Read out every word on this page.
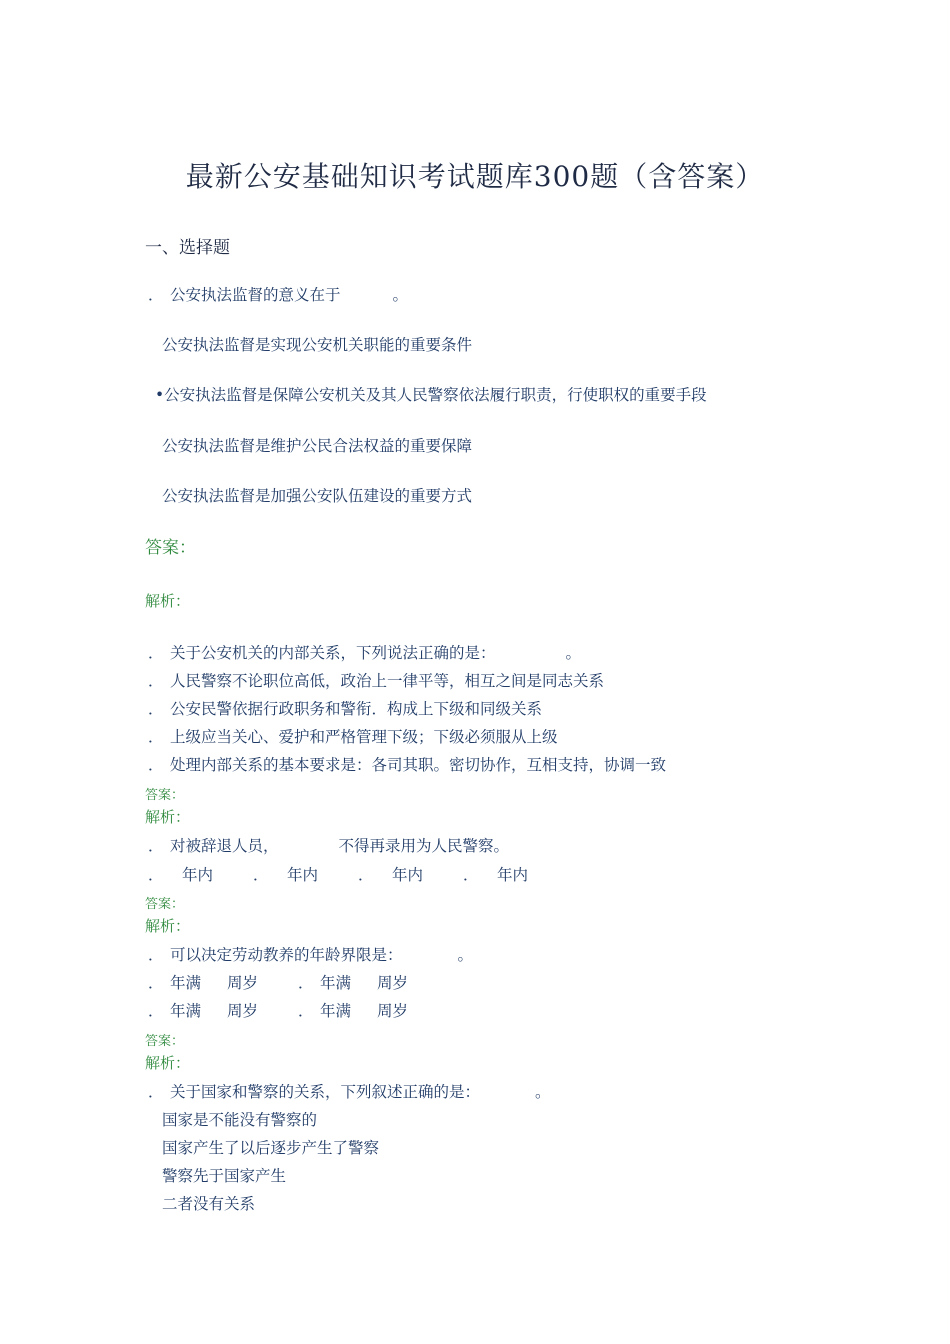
最新公安基础知识考试题库300题（含答案）
一、选择题
． 公安执法监督的意义在于	。
公安执法监督是实现公安机关职能的重要条件
•公安执法监督是保障公安机关及其人民警察依法履行职责，行使职权的重要手段
公安执法监督是维护公民合法权益的重要保障
公安执法监督是加强公安队伍建设的重要方式
答案：
解析：
． 关于公安机关的内部关系，下列说法正确的是：	。
． 人民警察不论职位高低，政治上一律平等，相互之间是同志关系
． 公安民警依据行政职务和警衔．构成上下级和同级关系
． 上级应当关心、爱护和严格管理下级；下级必须服从上级
． 处理内部关系的基本要求是：各司其职。密切协作，互相支持，协调一致
答案：
解析：
． 对被辞退人员，	不得再录用为人民警察。
． 年内	． 年内	． 年内	． 年内
答案：
解析：
． 可以决定劳动教养的年龄界限是：	。
． 年满 周岁	． 年满 周岁
． 年满 周岁	． 年满 周岁
答案：
解析：
． 关于国家和警察的关系，下列叙述正确的是：	。
国家是不能没有警察的
国家产生了以后逐步产生了警察
警察先于国家产生
二者没有关系
